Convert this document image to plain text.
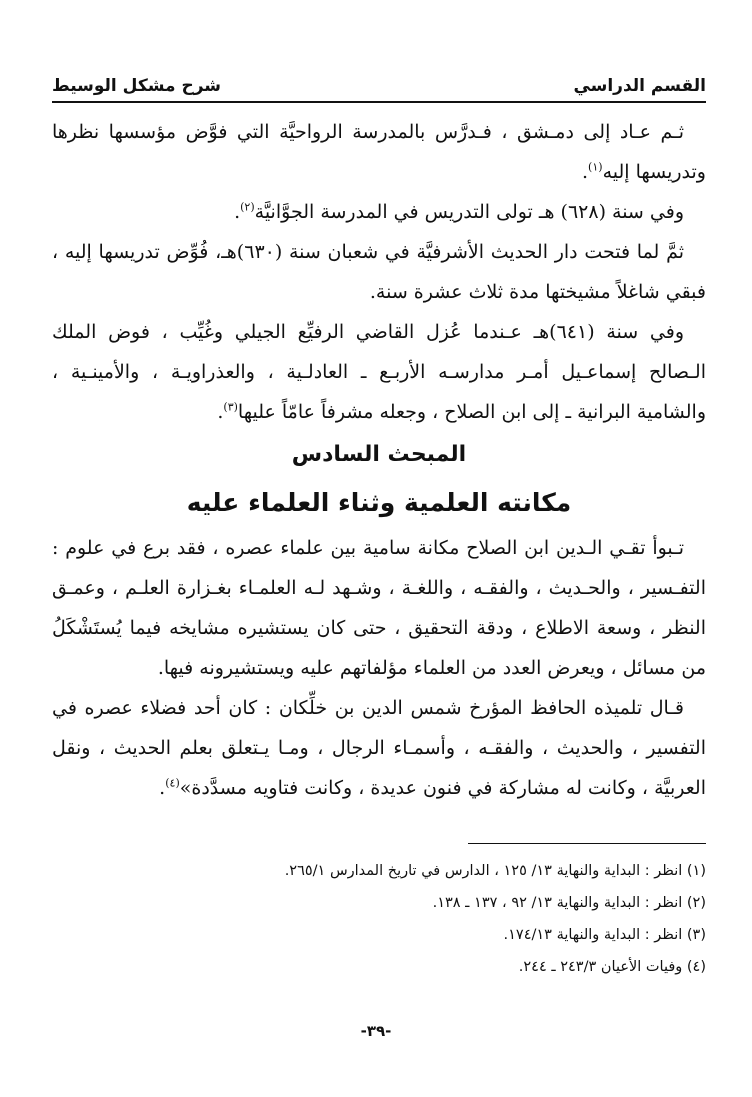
القسم الدراسي
شرح مشكل الوسيط

ثـم عـاد إلى دمـشق ، فـدرَّس بالمدرسة الرواحيَّة التي فوَّض مؤسسها نظرها وتدريسها إليه$^{(١)}$.

وفي سنة (٦٢٨) هـ تولى التدريس في المدرسة الجوَّانيَّة$^{(٢)}$.

ثمَّ لما فتحت دار الحديث الأشرفيَّة في شعبان سنة (٦٣٠)هـ، فُوِّض تدريسها إليه ، فبقي شاغلاً مشيختها مدة ثلاث عشرة سنة.

وفي سنة (٦٤١)هـ عـندما عُزل القاضي الرفيِّع الجيلي وغُيِّب ، فوض الملك الـصالح إسماعـيل أمـر مدارسـه الأربـع ـ العادلـية ، والعذراويـة ، والأمينـية ، والشامية البرانية ـ إلى ابن الصلاح ، وجعله مشرفاً عامّاً عليها$^{(٣)}$.

المبحث السادس
مكانته العلمية وثناء العلماء عليه

تـبوأ تقـي الـدين ابن الصلاح مكانة سامية بين علماء عصره ، فقد برع في علوم : التفـسير ، والحـديث ، والفقـه ، واللغـة ، وشـهد لـه العلمـاء بغـزارة العلـم ، وعمـق النظر ، وسعة الاطلاع ، ودقة التحقيق ، حتى كان يستشيره مشايخه فيما يُستَشْكَلُ من مسائل ، ويعرض العدد من العلماء مؤلفاتهم عليه ويستشيرونه فيها.

قـال تلميذه الحافظ المؤرخ شمس الدين بن خلِّكان : كان أحد فضلاء عصره في التفسير ، والحديث ، والفقـه ، وأسمـاء الرجال ، ومـا يـتعلق بعلم الحديث ، ونقل العربيَّة ، وكانت له مشاركة في فنون عديدة ، وكانت فتاويه مسدَّدة»$^{(٤)}$.

(١) انظر : البداية والنهاية ١٣/ ١٢٥ ، الدارس في تاريخ المدارس ٢٦٥/١.
(٢) انظر : البداية والنهاية ١٣/ ٩٢ ، ١٣٧ ـ ١٣٨.
(٣) انظر : البداية والنهاية ١٧٤/١٣.
(٤) وفيات الأعيان ٢٤٣/٣ ـ ٢٤٤.
-٣٩-
